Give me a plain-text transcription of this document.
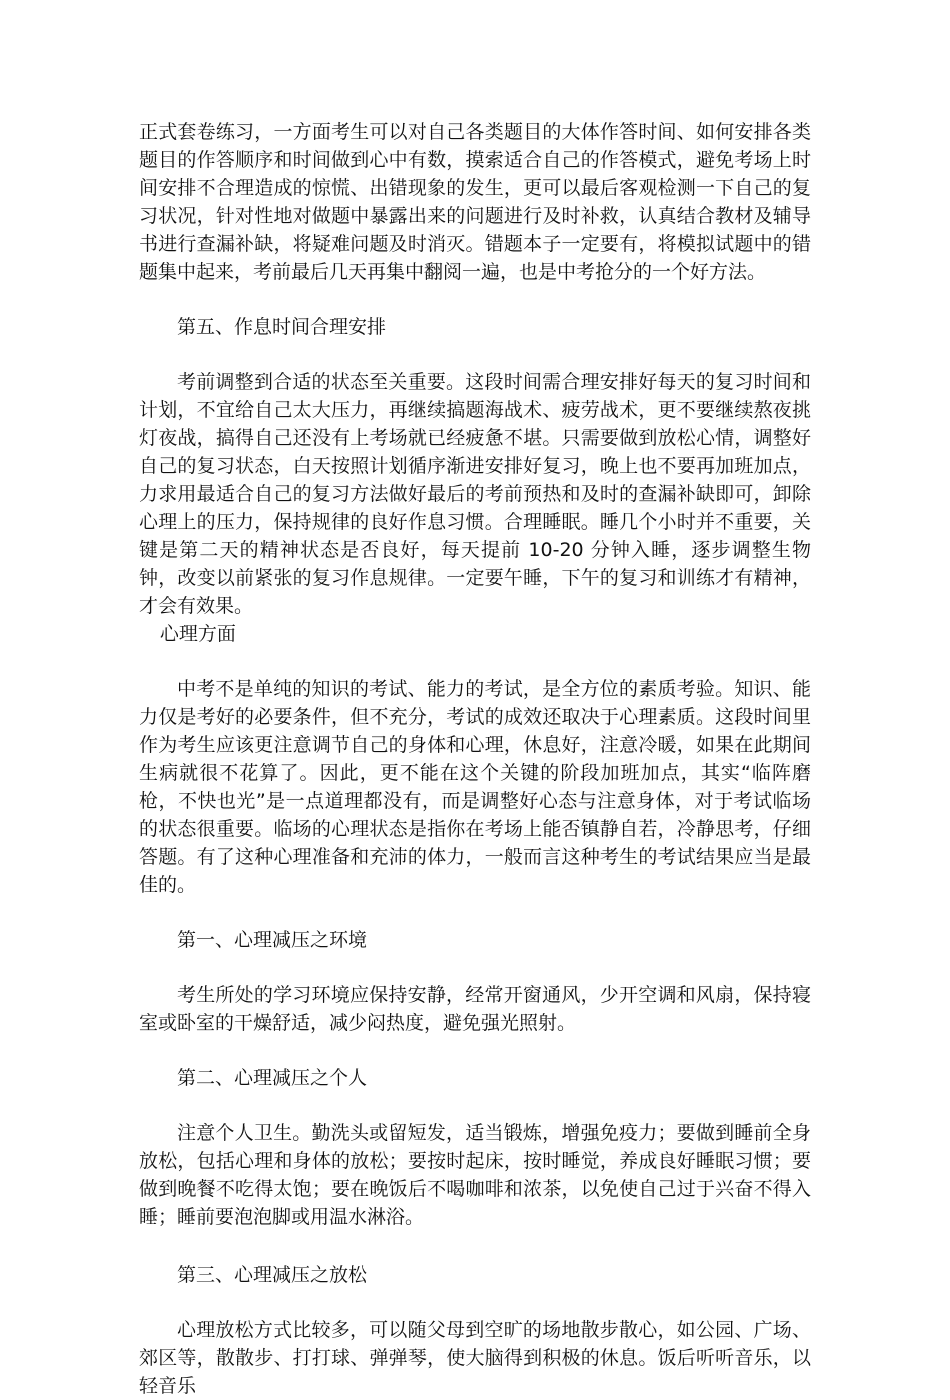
正式套卷练习，一方面考生可以对自己各类题目的大体作答时间、如何安排各类题目的作答顺序和时间做到心中有数，摸索适合自己的作答模式，避免考场上时间安排不合理造成的惊慌、出错现象的发生，更可以最后客观检测一下自己的复习状况，针对性地对做题中暴露出来的问题进行及时补救，认真结合教材及辅导书进行查漏补缺，将疑难问题及时消灭。错题本子一定要有，将模拟试题中的错题集中起来，考前最后几天再集中翻阅一遍，也是中考抢分的一个好方法。

第五、作息时间合理安排

考前调整到合适的状态至关重要。这段时间需合理安排好每天的复习时间和计划，不宜给自己太大压力，再继续搞题海战术、疲劳战术，更不要继续熬夜挑灯夜战，搞得自己还没有上考场就已经疲惫不堪。只需要做到放松心情，调整好自己的复习状态，白天按照计划循序渐进安排好复习，晚上也不要再加班加点，力求用最适合自己的复习方法做好最后的考前预热和及时的查漏补缺即可，卸除心理上的压力，保持规律的良好作息习惯。合理睡眠。睡几个小时并不重要，关键是第二天的精神状态是否良好，每天提前 10-20 分钟入睡，逐步调整生物钟，改变以前紧张的复习作息规律。一定要午睡，下午的复习和训练才有精神，才会有效果。

心理方面

中考不是单纯的知识的考试、能力的考试，是全方位的素质考验。知识、能力仅是考好的必要条件，但不充分，考试的成效还取决于心理素质。这段时间里作为考生应该更注意调节自己的身体和心理，休息好，注意冷暖，如果在此期间生病就很不花算了。因此，更不能在这个关键的阶段加班加点，其实“临阵磨枪，不快也光”是一点道理都没有，而是调整好心态与注意身体，对于考试临场的状态很重要。临场的心理状态是指你在考场上能否镇静自若，冷静思考，仔细答题。有了这种心理准备和充沛的体力，一般而言这种考生的考试结果应当是最佳的。

第一、心理减压之环境

考生所处的学习环境应保持安静，经常开窗通风，少开空调和风扇，保持寝室或卧室的干燥舒适，减少闷热度，避免强光照射。

第二、心理减压之个人

注意个人卫生。勤洗头或留短发，适当锻炼，增强免疫力；要做到睡前全身放松，包括心理和身体的放松；要按时起床，按时睡觉，养成良好睡眠习惯；要做到晚餐不吃得太饱；要在晚饭后不喝咖啡和浓茶，以免使自己过于兴奋不得入睡；睡前要泡泡脚或用温水淋浴。

第三、心理减压之放松

心理放松方式比较多，可以随父母到空旷的场地散步散心，如公园、广场、郊区等，散散步、打打球、弹弹琴，使大脑得到积极的休息。饭后听听音乐，以轻音乐
